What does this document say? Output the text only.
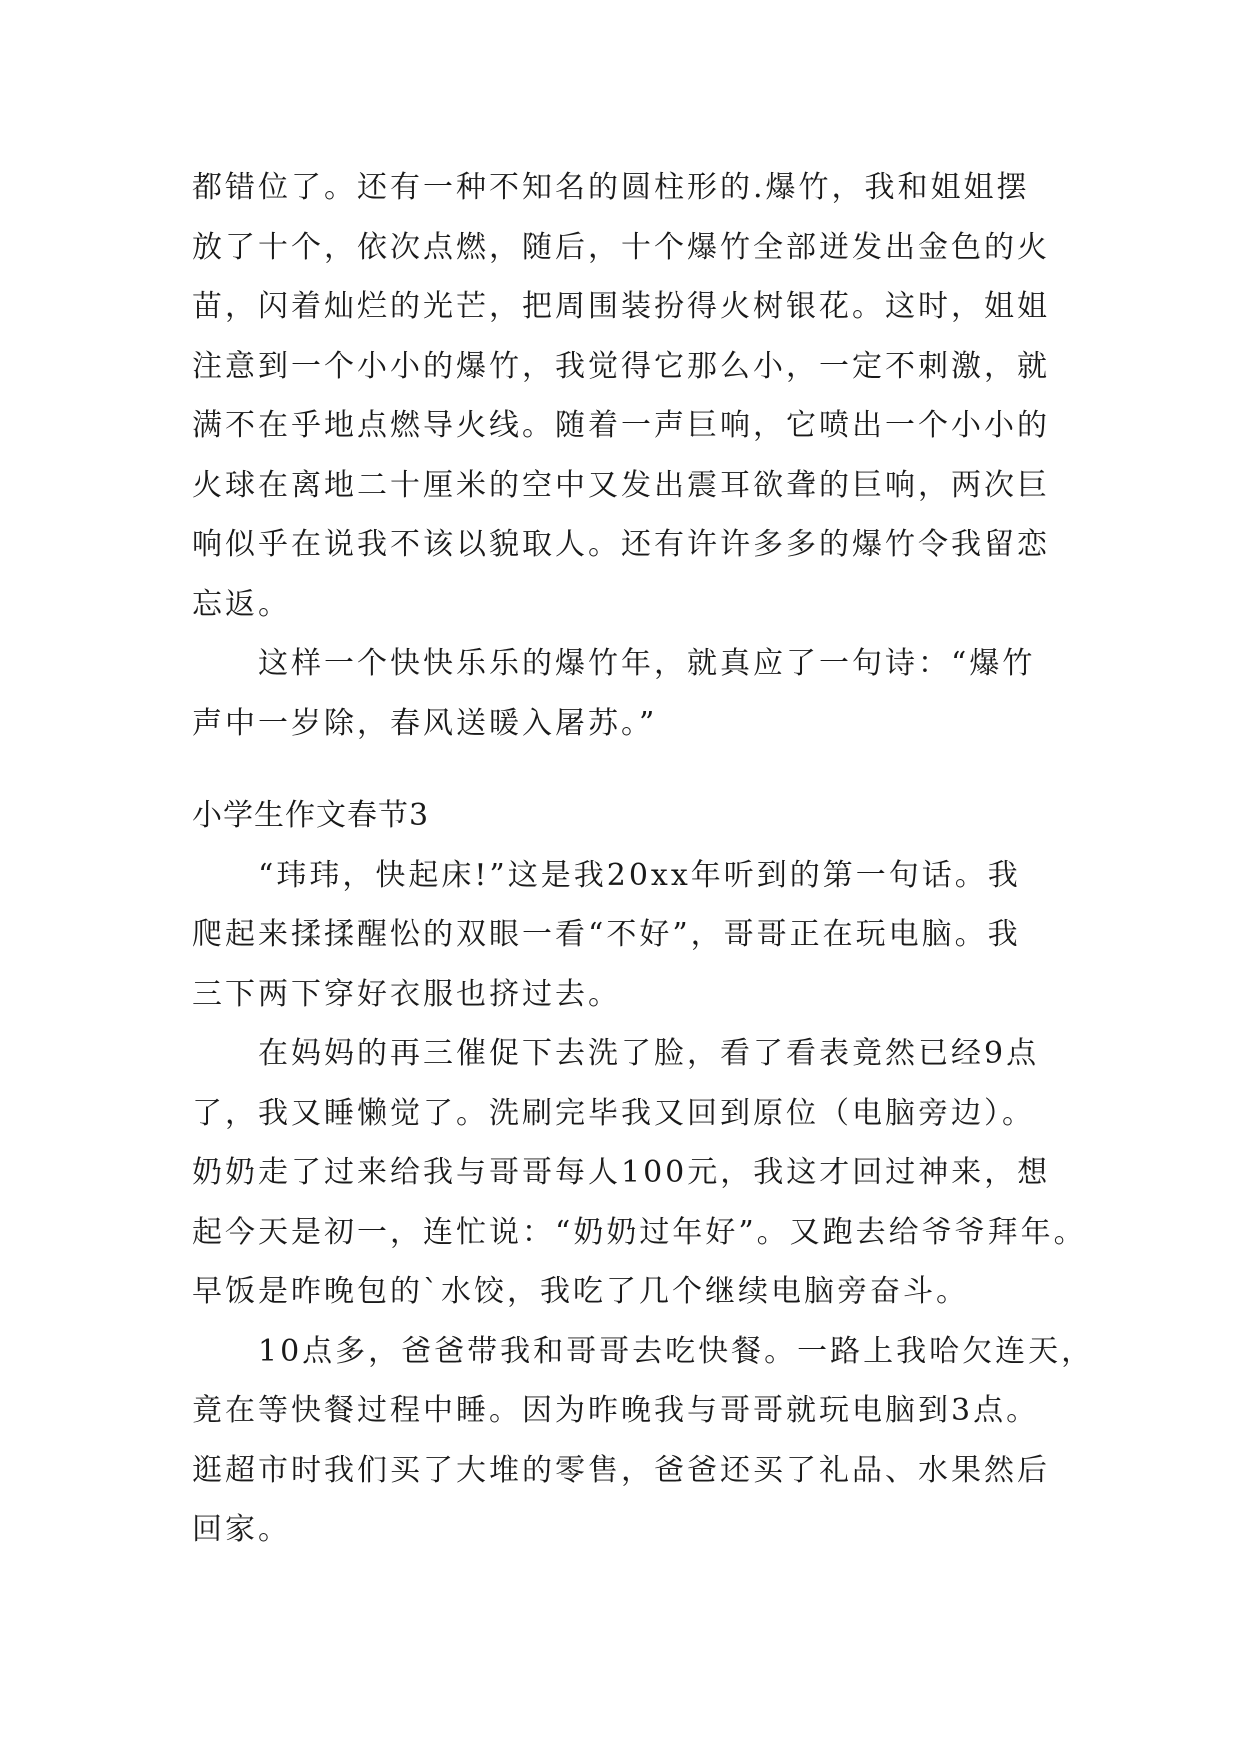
都错位了。还有一种不知名的圆柱形的.爆竹，我和姐姐摆
放了十个，依次点燃，随后，十个爆竹全部迸发出金色的火
苗，闪着灿烂的光芒，把周围装扮得火树银花。这时，姐姐
注意到一个小小的爆竹，我觉得它那么小，一定不刺激，就
满不在乎地点燃导火线。随着一声巨响，它喷出一个小小的
火球在离地二十厘米的空中又发出震耳欲聋的巨响，两次巨
响似乎在说我不该以貌取人。还有许许多多的爆竹令我留恋
忘返。
　　这样一个快快乐乐的爆竹年，就真应了一句诗：“爆竹
声中一岁除，春风送暖入屠苏。”
小学生作文春节3
　　“玮玮，快起床!”这是我20xx年听到的第一句话。我
爬起来揉揉醒忪的双眼一看“不好”，哥哥正在玩电脑。我
三下两下穿好衣服也挤过去。
　　在妈妈的再三催促下去洗了脸，看了看表竟然已经9点
了，我又睡懒觉了。洗刷完毕我又回到原位（电脑旁边）。
奶奶走了过来给我与哥哥每人100元，我这才回过神来，想
起今天是初一，连忙说：“奶奶过年好”。又跑去给爷爷拜年。
早饭是昨晚包的`水饺，我吃了几个继续电脑旁奋斗。
　　10点多，爸爸带我和哥哥去吃快餐。一路上我哈欠连天，
竟在等快餐过程中睡。因为昨晚我与哥哥就玩电脑到3点。
逛超市时我们买了大堆的零售，爸爸还买了礼品、水果然后
回家。
